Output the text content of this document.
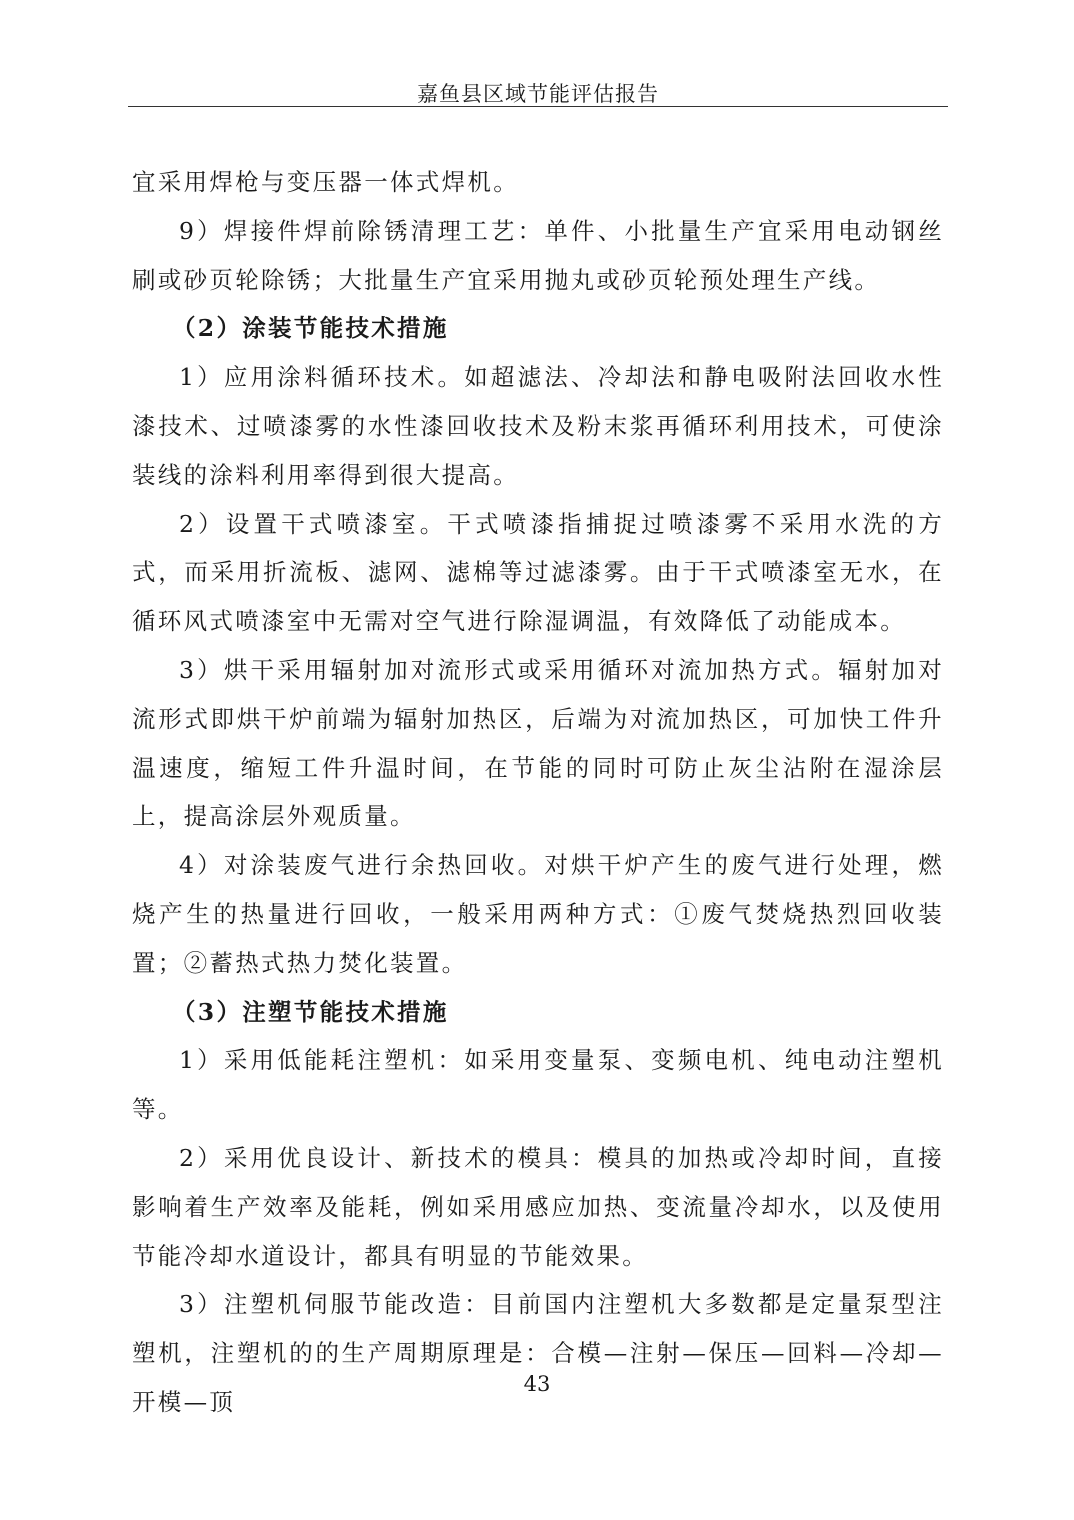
嘉鱼县区域节能评估报告

宜采用焊枪与变压器一体式焊机。

9）焊接件焊前除锈清理工艺：单件、小批量生产宜采用电动钢丝刷或砂页轮除锈；大批量生产宜采用抛丸或砂页轮预处理生产线。

（2）涂装节能技术措施

1）应用涂料循环技术。如超滤法、冷却法和静电吸附法回收水性漆技术、过喷漆雾的水性漆回收技术及粉末浆再循环利用技术，可使涂装线的涂料利用率得到很大提高。

2）设置干式喷漆室。干式喷漆指捕捉过喷漆雾不采用水洗的方式，而采用折流板、滤网、滤棉等过滤漆雾。由于干式喷漆室无水，在循环风式喷漆室中无需对空气进行除湿调温，有效降低了动能成本。

3）烘干采用辐射加对流形式或采用循环对流加热方式。辐射加对流形式即烘干炉前端为辐射加热区，后端为对流加热区，可加快工件升温速度，缩短工件升温时间，在节能的同时可防止灰尘沾附在湿涂层上，提高涂层外观质量。

4）对涂装废气进行余热回收。对烘干炉产生的废气进行处理，燃烧产生的热量进行回收，一般采用两种方式：①废气焚烧热烈回收装置；②蓄热式热力焚化装置。

（3）注塑节能技术措施

1）采用低能耗注塑机：如采用变量泵、变频电机、纯电动注塑机等。

2）采用优良设计、新技术的模具：模具的加热或冷却时间，直接影响着生产效率及能耗，例如采用感应加热、变流量冷却水，以及使用节能冷却水道设计，都具有明显的节能效果。

3）注塑机伺服节能改造：目前国内注塑机大多数都是定量泵型注塑机，注塑机的的生产周期原理是：合模—注射—保压—回料—冷却—开模—顶

43
